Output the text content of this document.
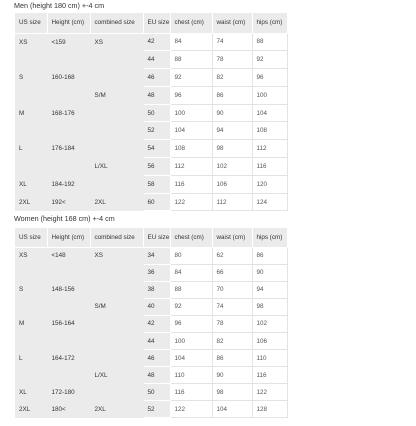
Men (height 180 cm) +-4 cm
US size	Height (cm)	combined size	EU size	chest (cm)	waist (cm)	hips (cm)
XS	<159	XS	42	84	74	88
			44	88	78	92
S	160-168		46	92	82	96
		S/M	48	96	86	100
M	168-176		50	100	90	104
			52	104	94	108
L	176-184		54	108	98	112
		L/XL	56	112	102	116
XL	184-192		58	116	106	120
2XL	192<	2XL	60	122	112	124
Women (height 168 cm) +-4 cm
US size	Height (cm)	combined size	EU size	chest (cm)	waist (cm)	hips (cm)
XS	<148	XS	34	80	62	86
			36	84	66	90
S	148-156		38	88	70	94
		S/M	40	92	74	98
M	156-164		42	96	78	102
			44	100	82	106
L	164-172		46	104	86	110
		L/XL	48	110	90	116
XL	172-180		50	116	98	122
2XL	180<	2XL	52	122	104	128
